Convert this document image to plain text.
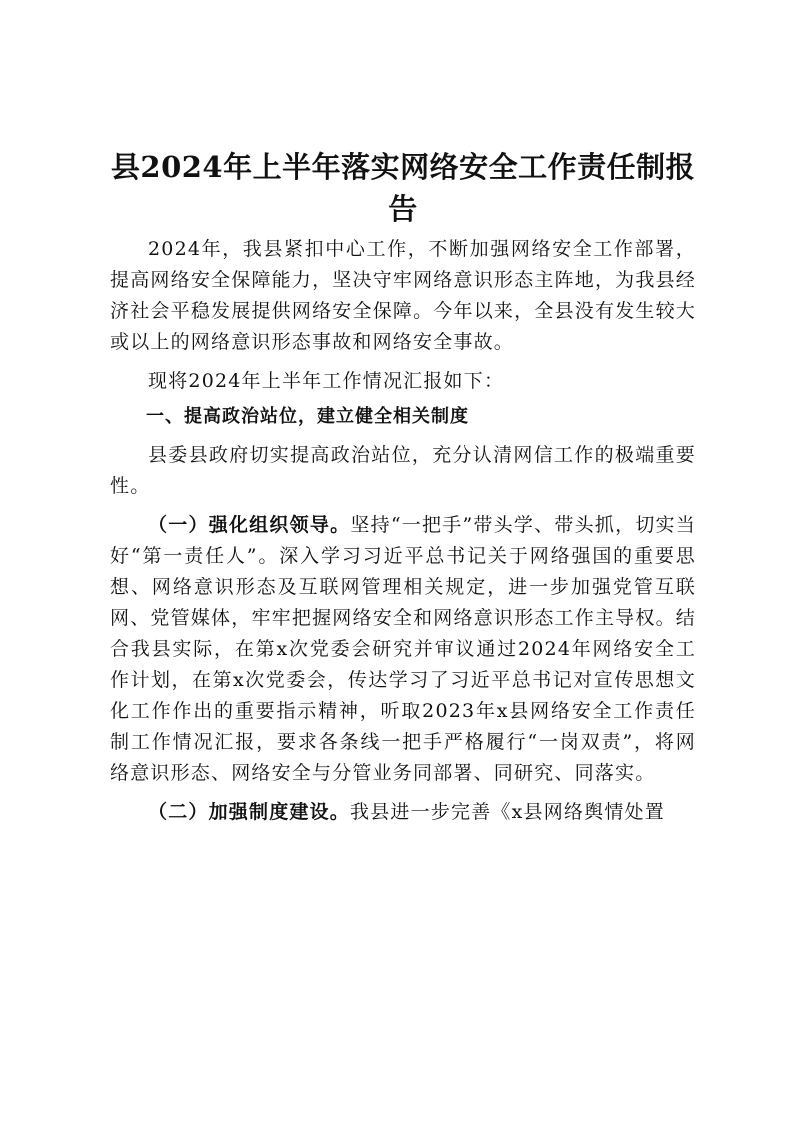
县2024年上半年落实网络安全工作责任制报告

2024年，我县紧扣中心工作，不断加强网络安全工作部署，提高网络安全保障能力，坚决守牢网络意识形态主阵地，为我县经济社会平稳发展提供网络安全保障。今年以来，全县没有发生较大或以上的网络意识形态事故和网络安全事故。

现将2024年上半年工作情况汇报如下：

一、提高政治站位，建立健全相关制度

县委县政府切实提高政治站位，充分认清网信工作的极端重要性。

（一）强化组织领导。坚持“一把手”带头学、带头抓，切实当好“第一责任人”。深入学习习近平总书记关于网络强国的重要思想、网络意识形态及互联网管理相关规定，进一步加强党管互联网、党管媒体，牢牢把握网络安全和网络意识形态工作主导权。结合我县实际，在第x次党委会研究并审议通过2024年网络安全工作计划，在第x次党委会，传达学习了习近平总书记对宣传思想文化工作作出的重要指示精神，听取2023年x县网络安全工作责任制工作情况汇报，要求各条线一把手严格履行“一岗双责”，将网络意识形态、网络安全与分管业务同部署、同研究、同落实。

（二）加强制度建设。我县进一步完善《x县网络舆情处置
